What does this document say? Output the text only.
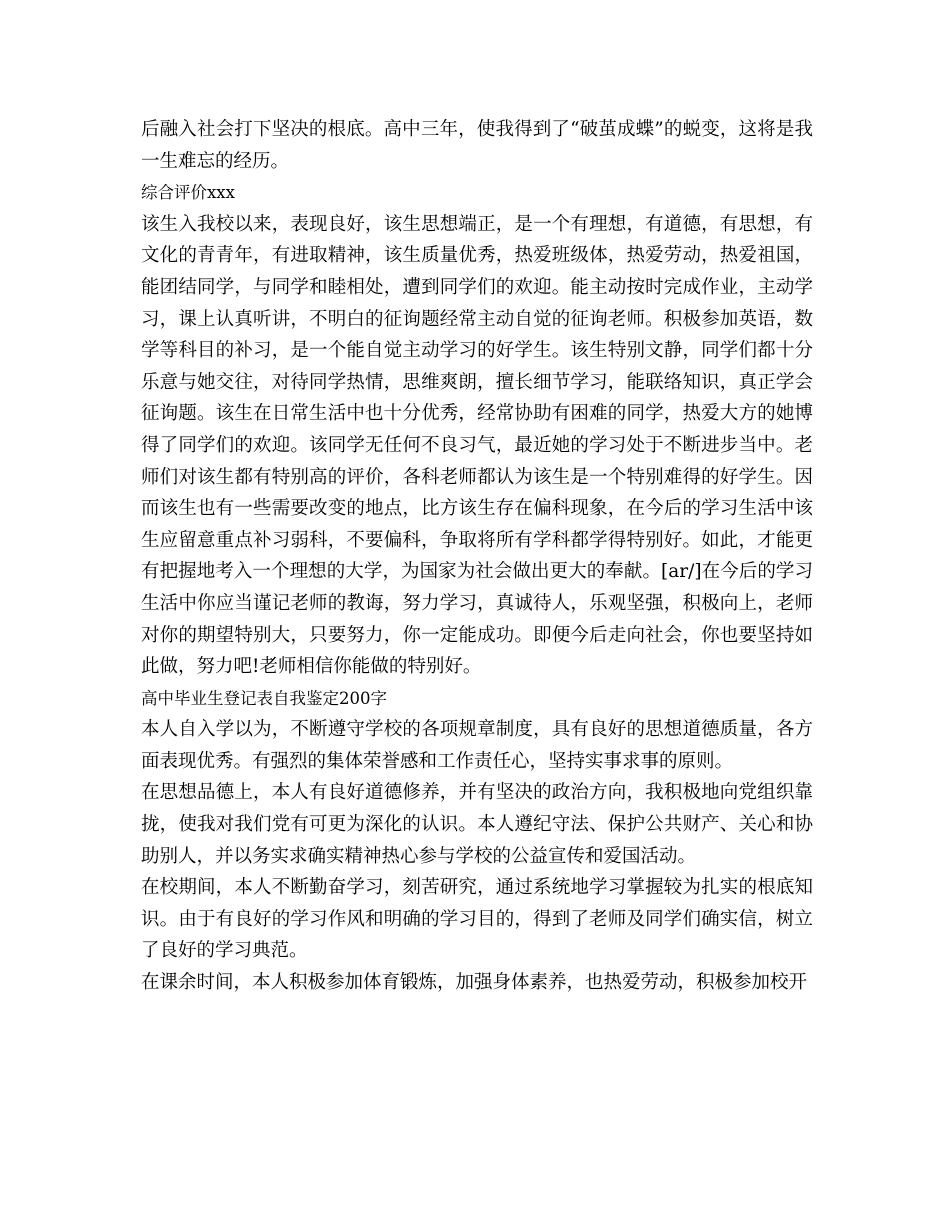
后融入社会打下坚决的根底。高中三年，使我得到了“破茧成蝶”的蜕变，这将是我一生难忘的经历。

综合评价xxx

该生入我校以来，表现良好，该生思想端正，是一个有理想，有道德，有思想，有文化的青青年，有进取精神，该生质量优秀，热爱班级体，热爱劳动，热爱祖国，能团结同学，与同学和睦相处，遭到同学们的欢迎。能主动按时完成作业，主动学习，课上认真听讲，不明白的征询题经常主动自觉的征询老师。积极参加英语，数学等科目的补习，是一个能自觉主动学习的好学生。该生特别文静，同学们都十分乐意与她交往，对待同学热情，思维爽朗，擅长细节学习，能联络知识，真正学会征询题。该生在日常生活中也十分优秀，经常协助有困难的同学，热爱大方的她博得了同学们的欢迎。该同学无任何不良习气，最近她的学习处于不断进步当中。老师们对该生都有特别高的评价，各科老师都认为该生是一个特别难得的好学生。因而该生也有一些需要改变的地点，比方该生存在偏科现象，在今后的学习生活中该生应留意重点补习弱科，不要偏科，争取将所有学科都学得特别好。如此，才能更有把握地考入一个理想的大学，为国家为社会做出更大的奉献。[ar/]在今后的学习生活中你应当谨记老师的教诲，努力学习，真诚待人，乐观坚强，积极向上，老师对你的期望特别大，只要努力，你一定能成功。即便今后走向社会，你也要坚持如此做，努力吧!老师相信你能做的特别好。

高中毕业生登记表自我鉴定200字

本人自入学以为，不断遵守学校的各项规章制度，具有良好的思想道德质量，各方面表现优秀。有强烈的集体荣誉感和工作责任心，坚持实事求事的原则。

在思想品德上，本人有良好道德修养，并有坚决的政治方向，我积极地向党组织靠拢，使我对我们党有可更为深化的认识。本人遵纪守法、保护公共财产、关心和协助别人，并以务实求确实精神热心参与学校的公益宣传和爱国活动。

在校期间，本人不断勤奋学习，刻苦研究，通过系统地学习掌握较为扎实的根底知识。由于有良好的学习作风和明确的学习目的，得到了老师及同学们确实信，树立了良好的学习典范。

在课余时间，本人积极参加体育锻炼，加强身体素养，也热爱劳动，积极参加校开
